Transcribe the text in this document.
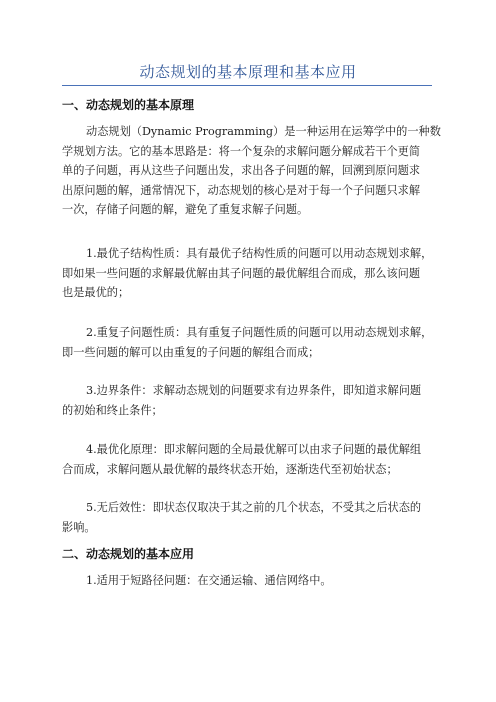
动态规划的基本原理和基本应用
一、动态规划的基本原理

动态规划（Dynamic Programming）是一种运用在运筹学中的一种数
学规划方法。它的基本思路是：将一个复杂的求解问题分解成若干个更简
单的子问题，再从这些子问题出发，求出各子问题的解，回溯到原问题求
出原问题的解，通常情况下，动态规划的核心是对于每一个子问题只求解
一次，存储子问题的解，避免了重复求解子问题。

1.最优子结构性质：具有最优子结构性质的问题可以用动态规划求解，
即如果一些问题的求解最优解由其子问题的最优解组合而成，那么该问题
也是最优的；

2.重复子问题性质：具有重复子问题性质的问题可以用动态规划求解，
即一些问题的解可以由重复的子问题的解组合而成；

3.边界条件：求解动态规划的问题要求有边界条件，即知道求解问题
的初始和终止条件；

4.最优化原理：即求解问题的全局最优解可以由求子问题的最优解组
合而成，求解问题从最优解的最终状态开始，逐渐迭代至初始状态；

5.无后效性：即状态仅取决于其之前的几个状态，不受其之后状态的
影响。

二、动态规划的基本应用

1.适用于短路径问题：在交通运输、通信网络中。
